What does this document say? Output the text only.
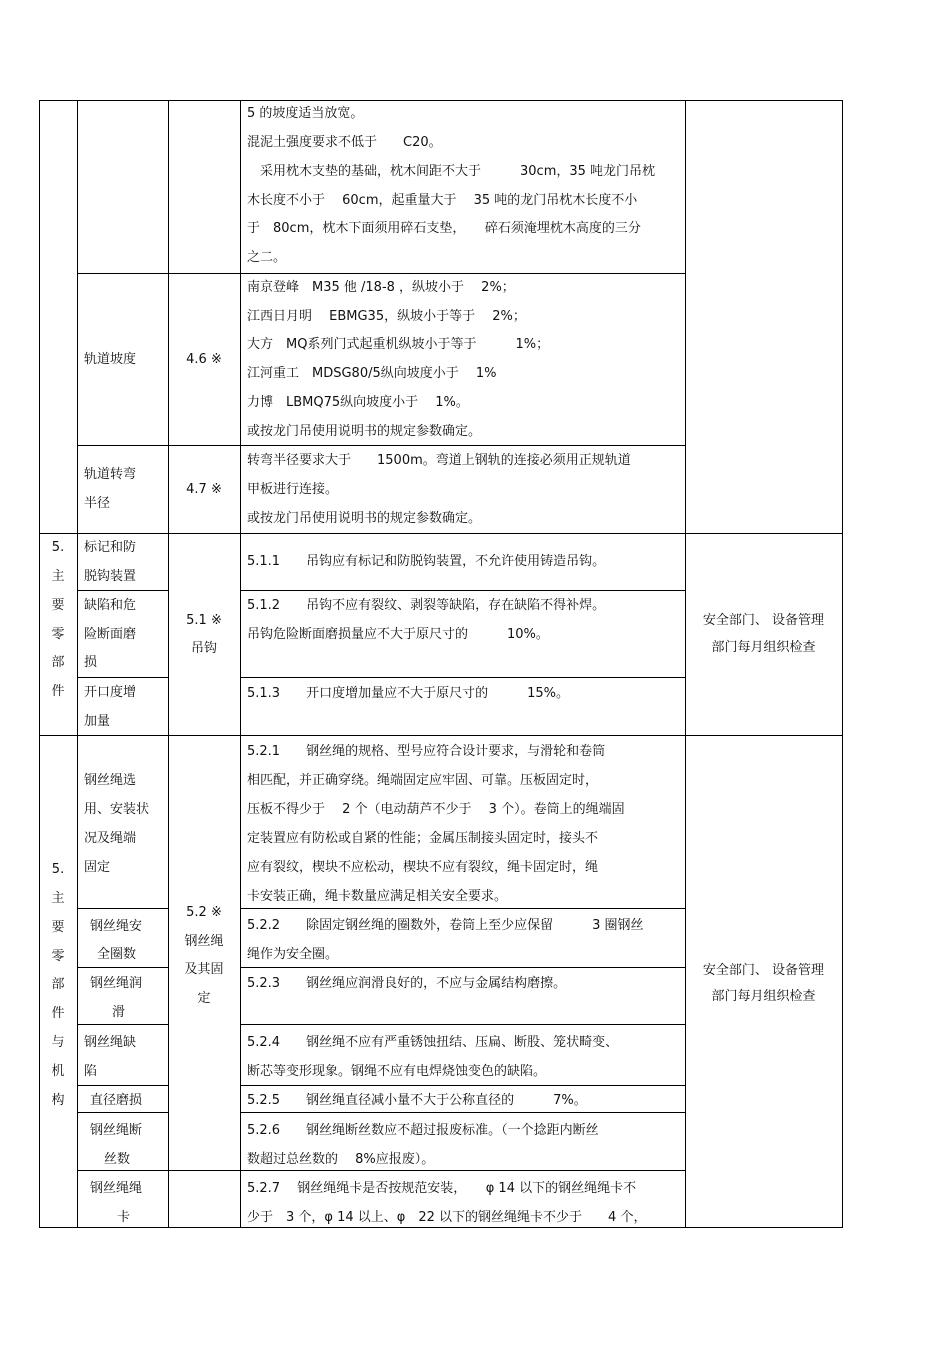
5 的坡度适当放宽。
混泥土强度要求不低于　　C20。
　采用枕木支垫的基础，枕木间距不大于　　　30cm，35 吨龙门吊枕
木长度不小于　 60cm，起重量大于　 35 吨的龙门吊枕木长度不小
于　80cm，枕木下面须用碎石支垫，　　碎石须淹埋枕木高度的三分
之二。
轨道坡度	4.6 ※
南京登峰　M35 他 /18-8 ，纵坡小于　 2%；
江西日月明　 EBMG35，纵坡小于等于　 2%；
大方　MQ系列门式起重机纵坡小于等于　　　1%；
江河重工　MDSG80/5纵向坡度小于　 1%
力博　LBMQ75纵向坡度小于　 1%。
或按龙门吊使用说明书的规定参数确定。
轨道转弯
半径
4.7 ※
转弯半径要求大于　　1500m。弯道上钢轨的连接必须用正规轨道
甲板进行连接。
或按龙门吊使用说明书的规定参数确定。
5.
主
要
零
部
件
5.1 ※
吊钩
安全部门、 设备管理
部门每月组织检查
标记和防
脱钩装置
5.1.1　　吊钩应有标记和防脱钩装置，不允许使用铸造吊钩。
缺陷和危
险断面磨
损
5.1.2　　吊钩不应有裂纹、剥裂等缺陷，存在缺陷不得补焊。
吊钩危险断面磨损量应不大于原尺寸的　　　10%。
开口度增
加量
5.1.3　　开口度增加量应不大于原尺寸的　　　15%。
5.
主
要
零
部
件
与
机
构
5.2 ※
钢丝绳
及其固
定
安全部门、 设备管理
部门每月组织检查
钢丝绳选
用、安装状
况及绳端
固定
5.2.1　　钢丝绳的规格、型号应符合设计要求，与滑轮和卷筒
相匹配，并正确穿绕。绳端固定应牢固、可靠。压板固定时，
压板不得少于　 2 个（电动葫芦不少于　 3 个）。卷筒上的绳端固
定装置应有防松或自紧的性能；金属压制接头固定时，接头不
应有裂纹，楔块不应松动，楔块不应有裂纹，绳卡固定时，绳
卡安装正确，绳卡数量应满足相关安全要求。
钢丝绳安
全圈数
5.2.2　　除固定钢丝绳的圈数外，卷筒上至少应保留　　　3 圈钢丝
绳作为安全圈。
钢丝绳润
滑
5.2.3　　钢丝绳应润滑良好的，不应与金属结构磨擦。
钢丝绳缺
陷
5.2.4　　钢丝绳不应有严重锈蚀扭结、压扁、断股、笼状畸变、
断芯等变形现象。钢绳不应有电焊烧蚀变色的缺陷。
直径磨损	5.2.5　　钢丝绳直径减小量不大于公称直径的　　　7%。
钢丝绳断
丝数
5.2.6　　钢丝绳断丝数应不超过报废标准。（一个捻距内断丝
数超过总丝数的　 8%应报废）。
钢丝绳绳
卡
5.2.7　 钢丝绳绳卡是否按规范安装，　　φ 14 以下的钢丝绳绳卡不
少于　3 个，φ 14 以上、φ　22 以下的钢丝绳绳卡不少于　　4 个，
